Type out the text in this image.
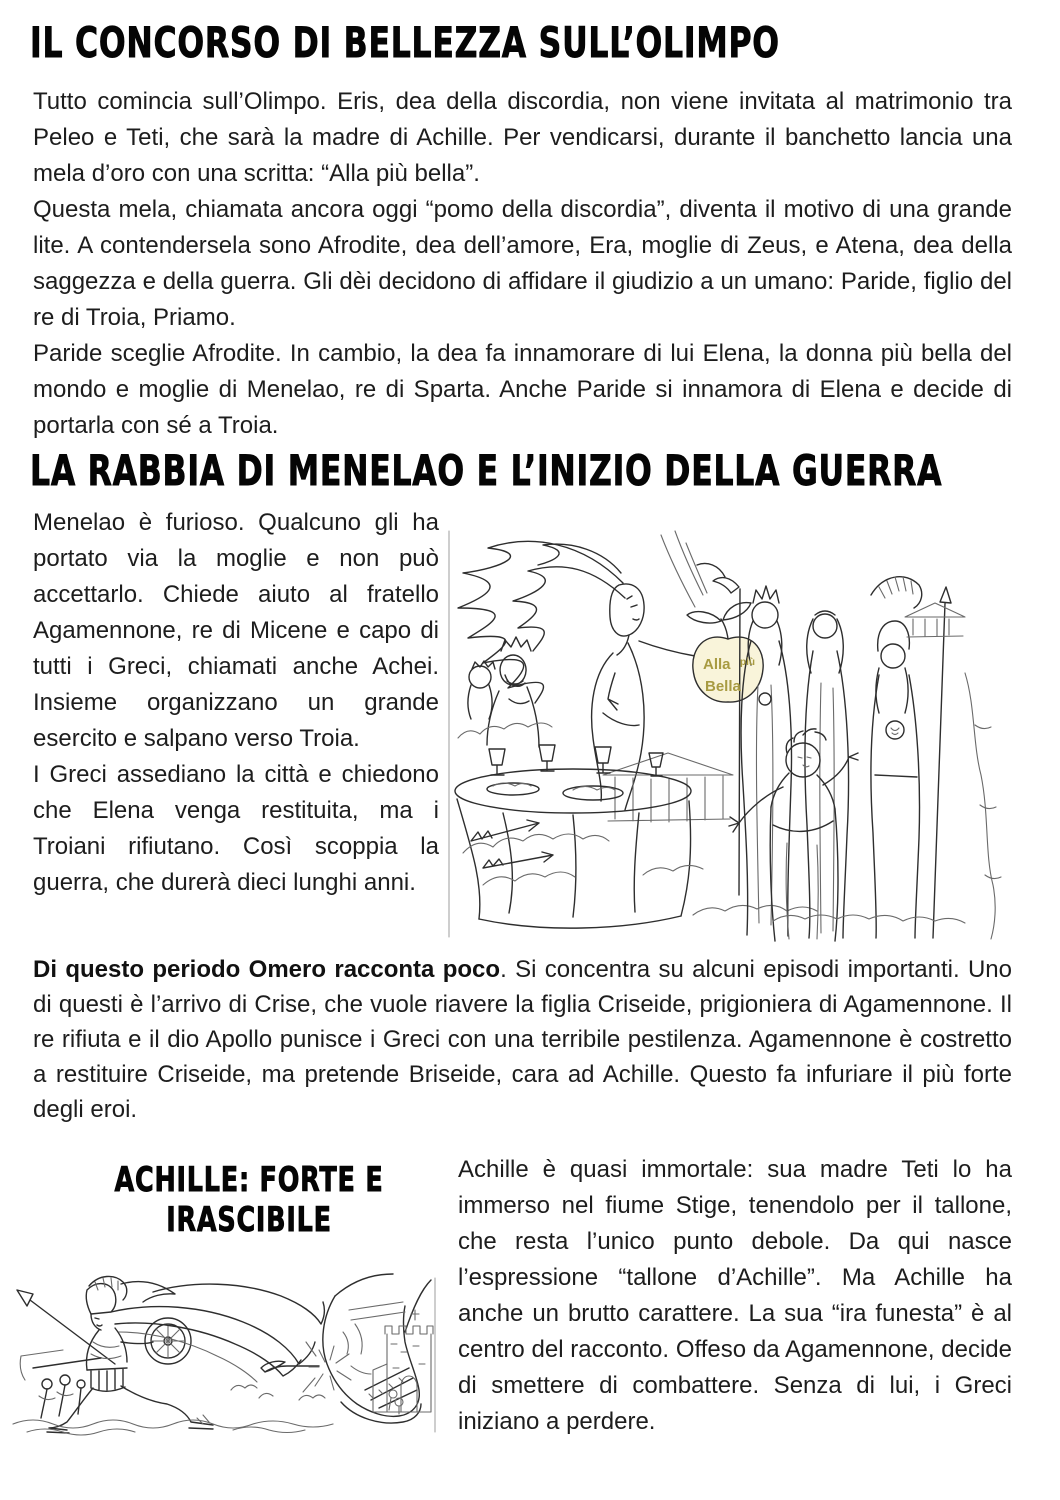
IL CONCORSO DI BELLEZZA SULL’OLIMPO

Tutto comincia sull’Olimpo. Eris, dea della discordia, non viene invitata al matrimonio tra Peleo e Teti, che sarà la madre di Achille. Per vendicarsi, durante il banchetto lancia una mela d’oro con una scritta: “Alla più bella”.

Questa mela, chiamata ancora oggi “pomo della discordia”, diventa il motivo di una grande lite. A contendersela sono Afrodite, dea dell’amore, Era, moglie di Zeus, e Atena, dea della saggezza e della guerra. Gli dèi decidono di affidare il giudizio a un umano: Paride, figlio del re di Troia, Priamo.

Paride sceglie Afrodite. In cambio, la dea fa innamorare di lui Elena, la donna più bella del mondo e moglie di Menelao, re di Sparta. Anche Paride si innamora di Elena e decide di portarla con sé a Troia.

LA RABBIA DI MENELAO E L’INIZIO DELLA GUERRA

Menelao è furioso. Qualcuno gli ha portato via la moglie e non può accettarlo. Chiede aiuto al fratello Agamennone, re di Micene e capo di tutti i Greci, chiamati anche Achei. Insieme organizzano un grande esercito e salpano verso Troia.

I Greci assediano la città e chiedono che Elena venga restituita, ma i Troiani rifiutano. Così scoppia la guerra, che durerà dieci lunghi anni.

Alla più
Bella

Di questo periodo Omero racconta poco. Si concentra su alcuni episodi importanti. Uno di questi è l’arrivo di Crise, che vuole riavere la figlia Criseide, prigioniera di Agamennone. Il re rifiuta e il dio Apollo punisce i Greci con una terribile pestilenza. Agamennone è costretto a restituire Criseide, ma pretende Briseide, cara ad Achille. Questo fa infuriare il più forte degli eroi.

ACHILLE: FORTE E
IRASCIBILE

Achille è quasi immortale: sua madre Teti lo ha immerso nel fiume Stige, tenendolo per il tallone, che resta l’unico punto debole. Da qui nasce l’espressione “tallone d’Achille”. Ma Achille ha anche un brutto carattere. La sua “ira funesta” è al centro del racconto. Offeso da Agamennone, decide di smettere di combattere. Senza di lui, i Greci iniziano a perdere.
